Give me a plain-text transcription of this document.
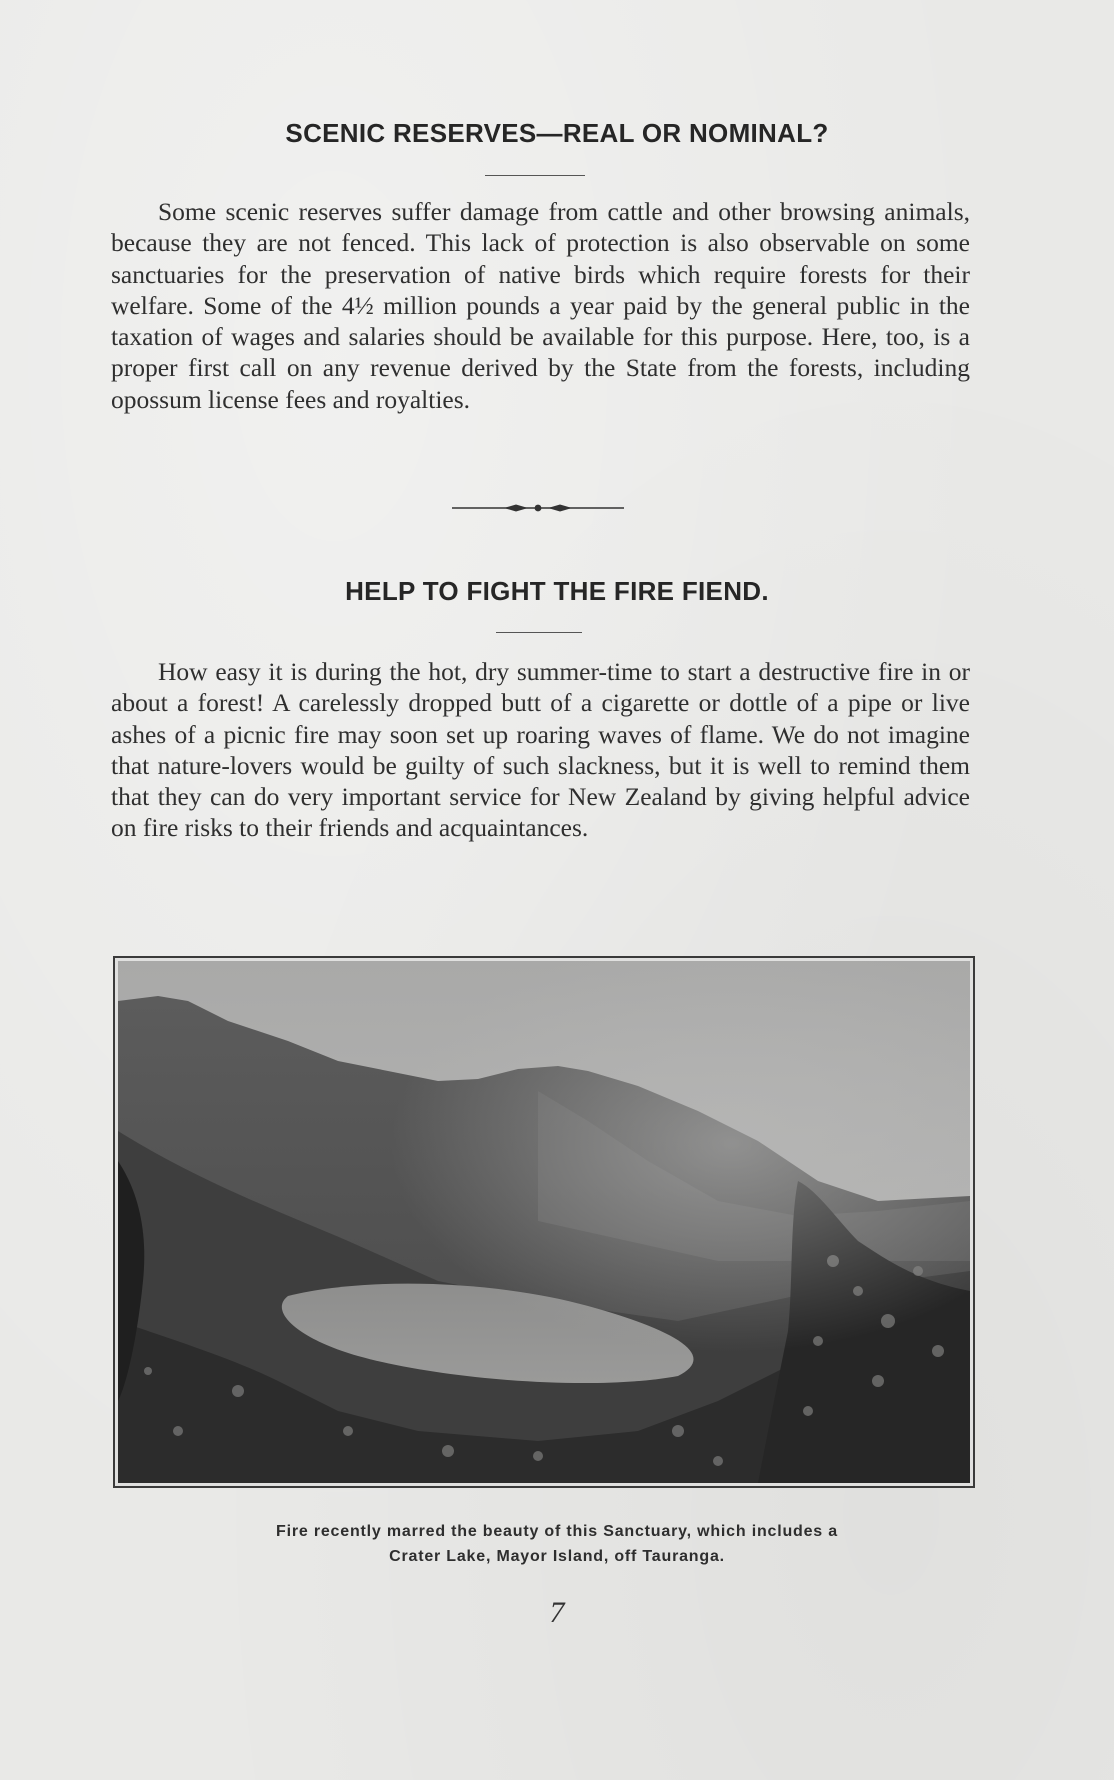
SCENIC RESERVES—REAL OR NOMINAL?

Some scenic reserves suffer damage from cattle and other browsing animals, because they are not fenced. This lack of protection is also observable on some sanctuaries for the preservation of native birds which require forests for their welfare. Some of the 4½ million pounds a year paid by the general public in the taxation of wages and salaries should be available for this purpose. Here, too, is a proper first call on any revenue derived by the State from the forests, including opossum license fees and royalties.

HELP TO FIGHT THE FIRE FIEND.

How easy it is during the hot, dry summer-time to start a destructive fire in or about a forest! A carelessly dropped butt of a cigarette or dottle of a pipe or live ashes of a picnic fire may soon set up roaring waves of flame. We do not imagine that nature-lovers would be guilty of such slackness, but it is well to remind them that they can do very important service for New Zealand by giving helpful advice on fire risks to their friends and acquaintances.

Fire recently marred the beauty of this Sanctuary, which includes a
Crater Lake, Mayor Island, off Tauranga.

7
